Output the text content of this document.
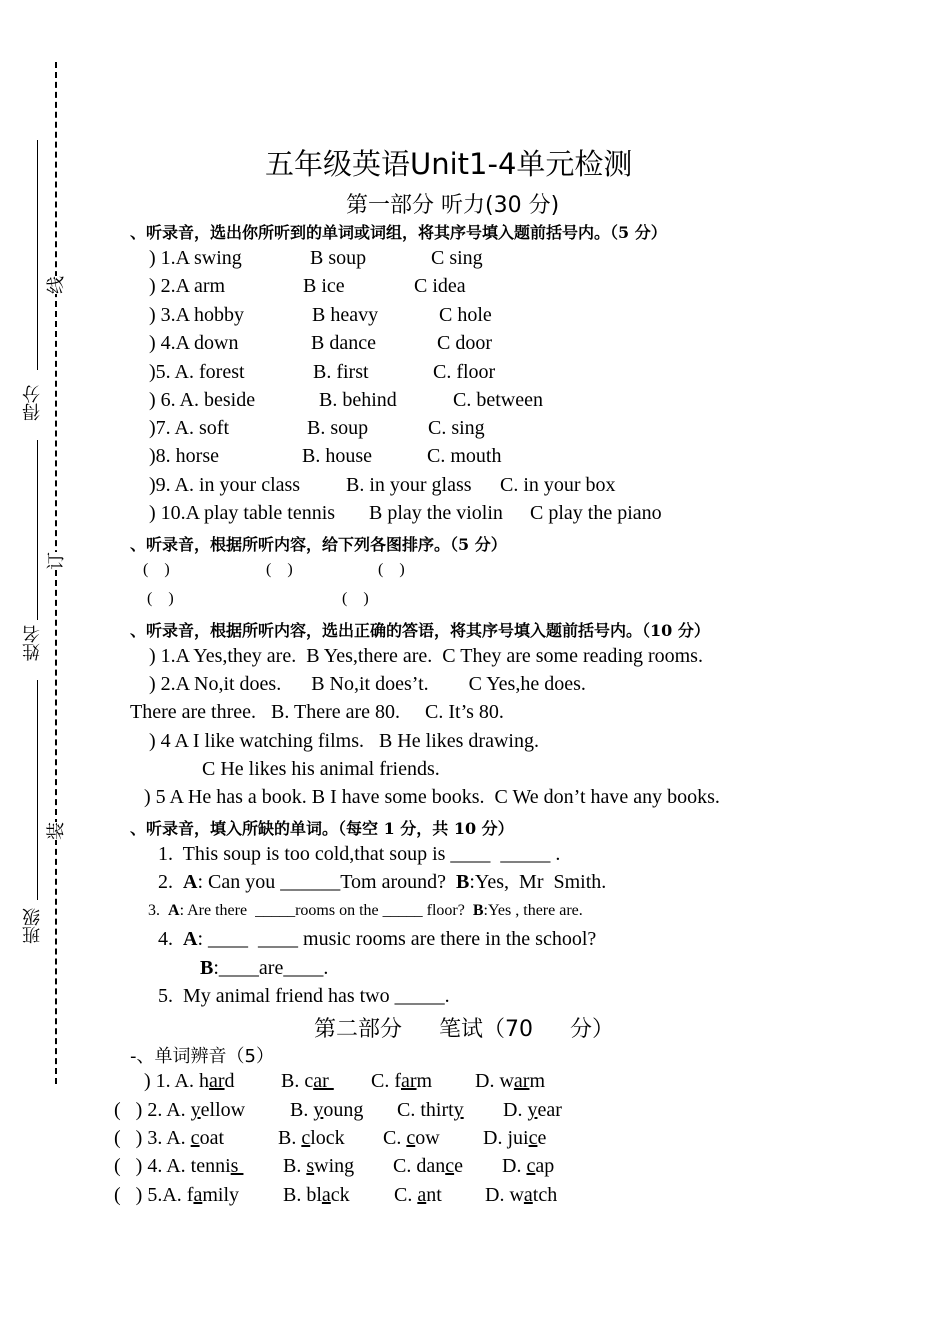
线
订
装
得分
姓名
班级
五年级英语Unit1-4单元检测
第一部分 听力(30 分)
、听录音，选出你所听到的单词或词组，将其序号填入题前括号内。（5 分）
) 1.A swing	B soup	C sing
) 2.A arm	B ice	C idea
) 3.A hobby	B heavy	C hole
) 4.A down	B dance	C door
)5. A. forest	B. first	C. floor
) 6. A. beside	B. behind	C. between
)7. A. soft	B. soup	C. sing
)8. horse	B. house	C. mouth
)9. A. in your class B. in your glass C. in your box
) 10.A play table tennis B play the violin C play the piano
、听录音，根据所听内容，给下列各图排序。（5 分）
( )	( )	( )
( )	( )
、听录音，根据所听内容，选出正确的答语，将其序号填入题前括号内。（10 分）
) 1.A Yes,they are.  B Yes,there are.  C They are some reading rooms.
) 2.A No,it does.      B No,it does’t.        C Yes,he does.
There are three.   B. There are 80.     C. It’s 80.
) 4 A I like watching films.   B He likes drawing.
C He likes his animal friends.
) 5 A He has a book. B I have some books.  C We don’t have any books.
、听录音，填入所缺的单词。（每空 1 分，共 10 分）
1.  This soup is too cold,that soup is ____  _____ .
2.  A: Can you ______Tom around?  B:Yes,  Mr  Smith.
3.  A: Are there  _____rooms on the _____ floor?  B:Yes , there are.
4.  A: ____  ____ music rooms are there in the school?
B:____are____.
5.  My animal friend has two _____.
第二部分 笔试（70 分）
-、单词辨音（5）
) 1. A. hard B. car C. farm D. warm
(   ) 2. A. yellow B. young C. thirty D. year
(   ) 3. A. coat	B. clock C. cow D. juice
(   ) 4. A. tennis B. swing C. dance D. cap
(   ) 5.A. family B. black C. ant D. watch
